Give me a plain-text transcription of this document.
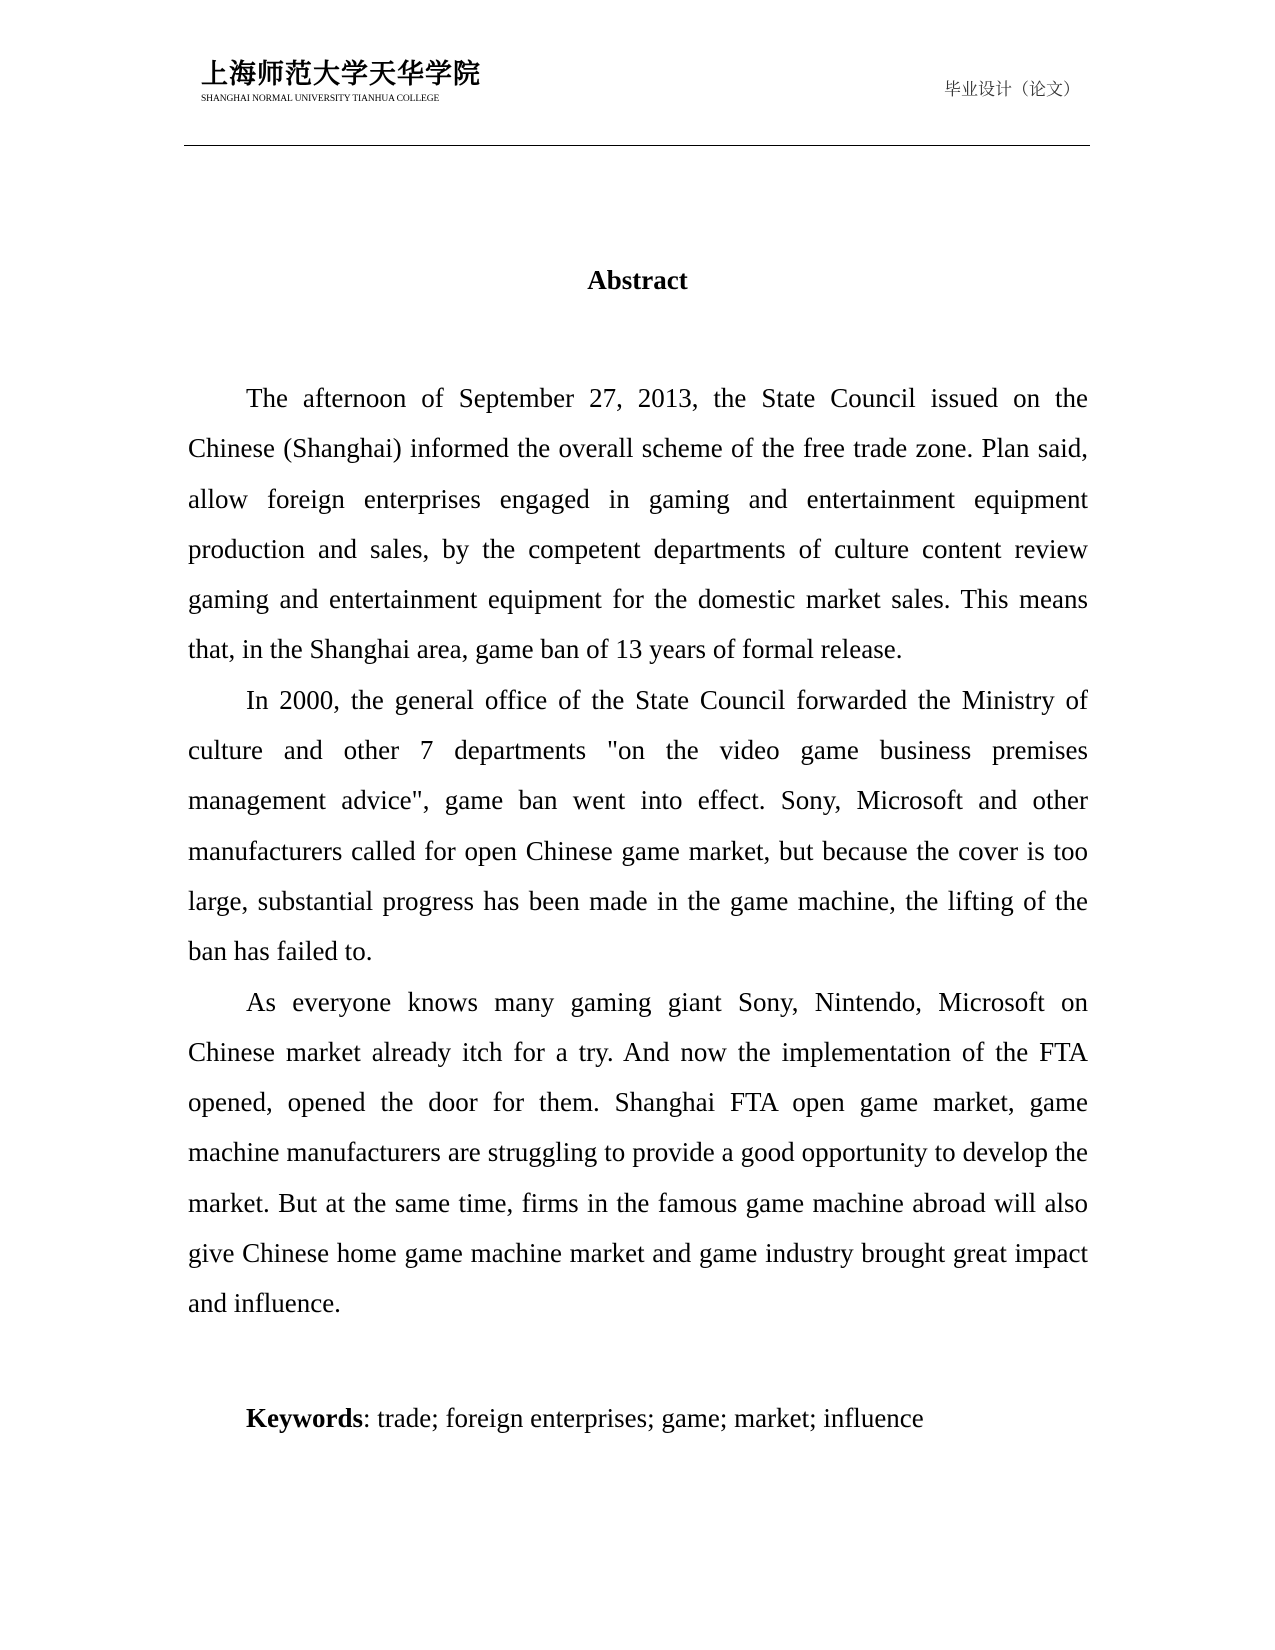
上海师范大学天华学院
SHANGHAI NORMAL UNIVERSITY TIANHUA COLLEGE	毕业设计（论文）
Abstract

The afternoon of September 27, 2013, the State Council issued on the Chinese (Shanghai) informed the overall scheme of the free trade zone. Plan said, allow foreign enterprises engaged in gaming and entertainment equipment production and sales, by the competent departments of culture content review gaming and entertainment equipment for the domestic market sales. This means that, in the Shanghai area, game ban of 13 years of formal release.

In 2000, the general office of the State Council forwarded the Ministry of culture and other 7 departments "on the video game business premises management advice", game ban went into effect. Sony, Microsoft and other manufacturers called for open Chinese game market, but because the cover is too large, substantial progress has been made in the game machine, the lifting of the ban has failed to.

As everyone knows many gaming giant Sony, Nintendo, Microsoft on Chinese market already itch for a try. And now the implementation of the FTA opened, opened the door for them. Shanghai FTA open game market, game machine manufacturers are struggling to provide a good opportunity to develop the market. But at the same time, firms in the famous game machine abroad will also give Chinese home game machine market and game industry brought great impact and influence.

Keywords: trade; foreign enterprises; game; market; influence
